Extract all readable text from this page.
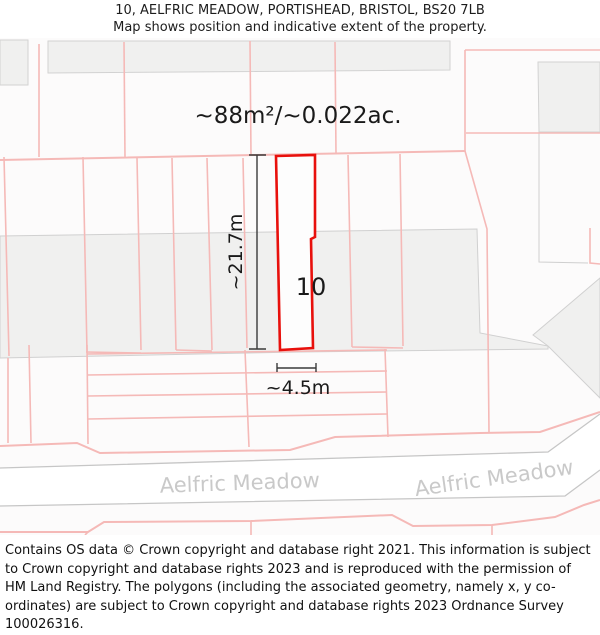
10, AELFRIC MEADOW, PORTISHEAD, BRISTOL, BS20 7LB
Map shows position and indicative extent of the property.
~88m²/~0.022ac.
10
~21.7m
~4.5m
Aelfric Meadow	Aelfric Meadow

Contains OS data © Crown copyright and database right 2021. This information is subject to Crown copyright and database rights 2023 and is reproduced with the permission of HM Land Registry. The polygons (including the associated geometry, namely x, y co-ordinates) are subject to Crown copyright and database rights 2023 Ordnance Survey 100026316.
